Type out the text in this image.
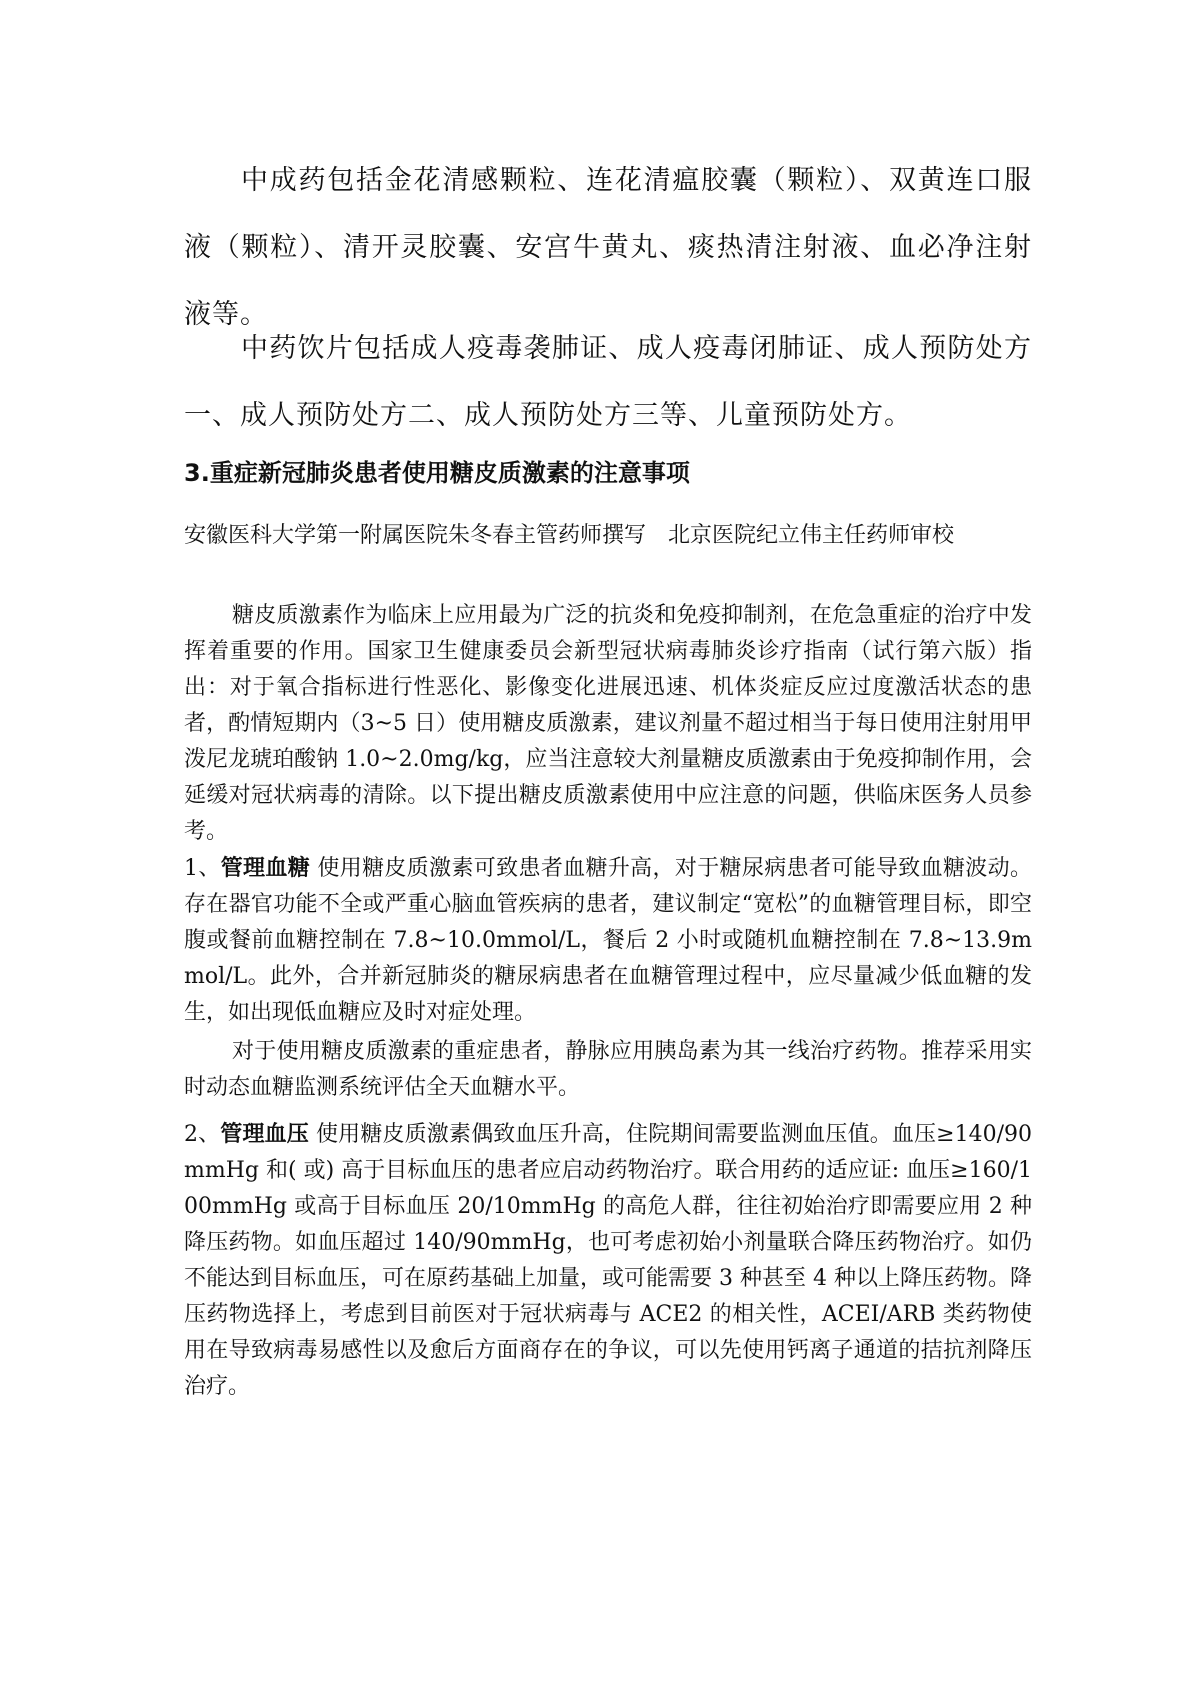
中成药包括金花清感颗粒、连花清瘟胶囊（颗粒）、双黄连口服液（颗粒）、清开灵胶囊、安宫牛黄丸、痰热清注射液、血必净注射液等。

中药饮片包括成人疫毒袭肺证、成人疫毒闭肺证、成人预防处方一、成人预防处方二、成人预防处方三等、儿童预防处方。

3.重症新冠肺炎患者使用糖皮质激素的注意事项

安徽医科大学第一附属医院朱冬春主管药师撰写　北京医院纪立伟主任药师审校

糖皮质激素作为临床上应用最为广泛的抗炎和免疫抑制剂，在危急重症的治疗中发挥着重要的作用。国家卫生健康委员会新型冠状病毒肺炎诊疗指南（试行第六版）指出：对于氧合指标进行性恶化、影像变化进展迅速、机体炎症反应过度激活状态的患者，酌情短期内（3~5 日）使用糖皮质激素，建议剂量不超过相当于每日使用注射用甲泼尼龙琥珀酸钠 1.0~2.0mg/kg，应当注意较大剂量糖皮质激素由于免疫抑制作用，会延缓对冠状病毒的清除。以下提出糖皮质激素使用中应注意的问题，供临床医务人员参考。

1、管理血糖 使用糖皮质激素可致患者血糖升高，对于糖尿病患者可能导致血糖波动。存在器官功能不全或严重心脑血管疾病的患者，建议制定“宽松”的血糖管理目标，即空腹或餐前血糖控制在 7.8~10.0mmol/L，餐后 2 小时或随机血糖控制在 7.8~13.9mmol/L。此外，合并新冠肺炎的糖尿病患者在血糖管理过程中，应尽量减少低血糖的发生，如出现低血糖应及时对症处理。

对于使用糖皮质激素的重症患者，静脉应用胰岛素为其一线治疗药物。推荐采用实时动态血糖监测系统评估全天血糖水平。

2、管理血压 使用糖皮质激素偶致血压升高，住院期间需要监测血压值。血压≥140/90mmHg 和( 或) 高于目标血压的患者应启动药物治疗。联合用药的适应证: 血压≥160/100mmHg 或高于目标血压 20/10mmHg 的高危人群，往往初始治疗即需要应用 2 种降压药物。如血压超过 140/90mmHg，也可考虑初始小剂量联合降压药物治疗。如仍不能达到目标血压，可在原药基础上加量，或可能需要 3 种甚至 4 种以上降压药物。降压药物选择上，考虑到目前医对于冠状病毒与 ACE2 的相关性，ACEI/ARB 类药物使用在导致病毒易感性以及愈后方面商存在的争议，可以先使用钙离子通道的拮抗剂降压治疗。
